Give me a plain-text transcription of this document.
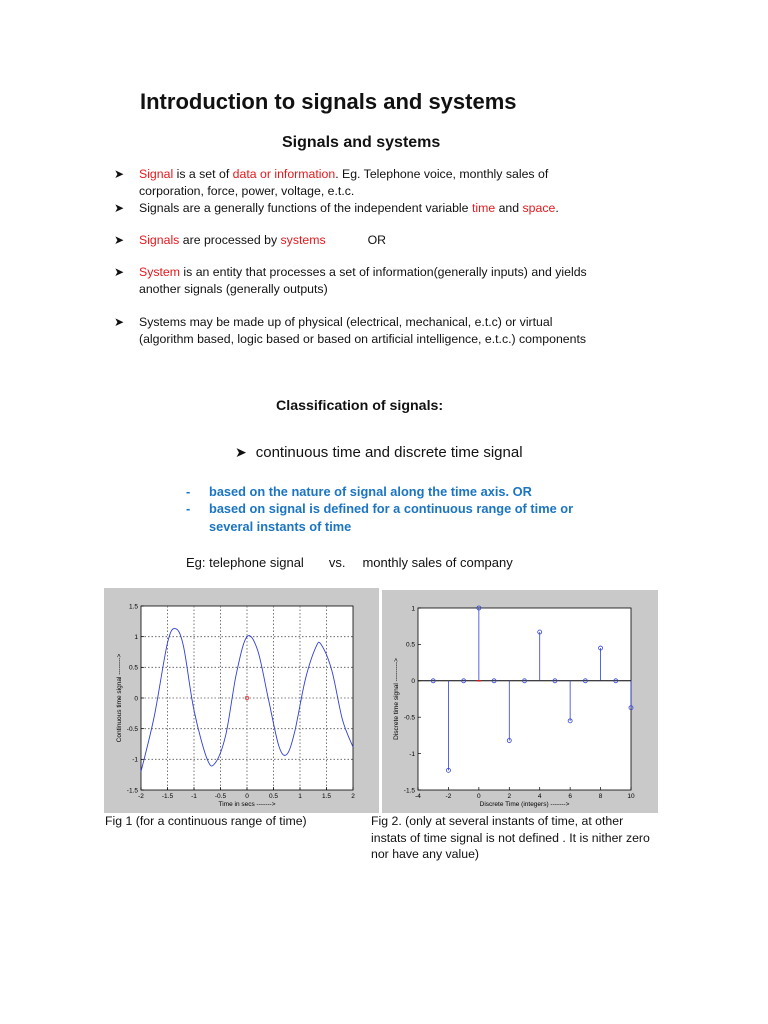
Introduction to signals and systems
Signals and systems
➤	Signal is a set of data or information. Eg. Telephone voice, monthly sales of corporation, force, power, voltage, e.t.c.
➤	Signals are a generally functions of the independent variable time and space.
➤	Signals are processed by systems	OR
➤	System is an entity that processes a set of information(generally inputs) and yields another signals (generally outputs)
➤	Systems may be made up of physical (electrical, mechanical, e.t.c) or virtual (algorithm based, logic based or based on artificial intelligence, e.t.c.) components
Classification of signals:
➤ continuous time and discrete time signal
- based on the nature of signal along the time axis. OR
- based on signal is defined for a continuous range of time or several instants of time
Eg: telephone signal vs. monthly sales of company
-2	-1.5	-1	-0.5	0	0.5	1	1.5	2
1.5
1
0.5
0
-0.5
-1
-1.5
Time in secs ------->
Continuous time signal -------->
-4	-2	0	2	4	6	8	10
1
0.5
0
-0.5
-1
-1.5
Discrete Time (integers) ------->
Discrete time signal --------->
Fig 1 (for a continuous range of time)	Fig 2. (only at several instants of time, at other instats of time signal is not defined . It is nither zero nor have any value)
